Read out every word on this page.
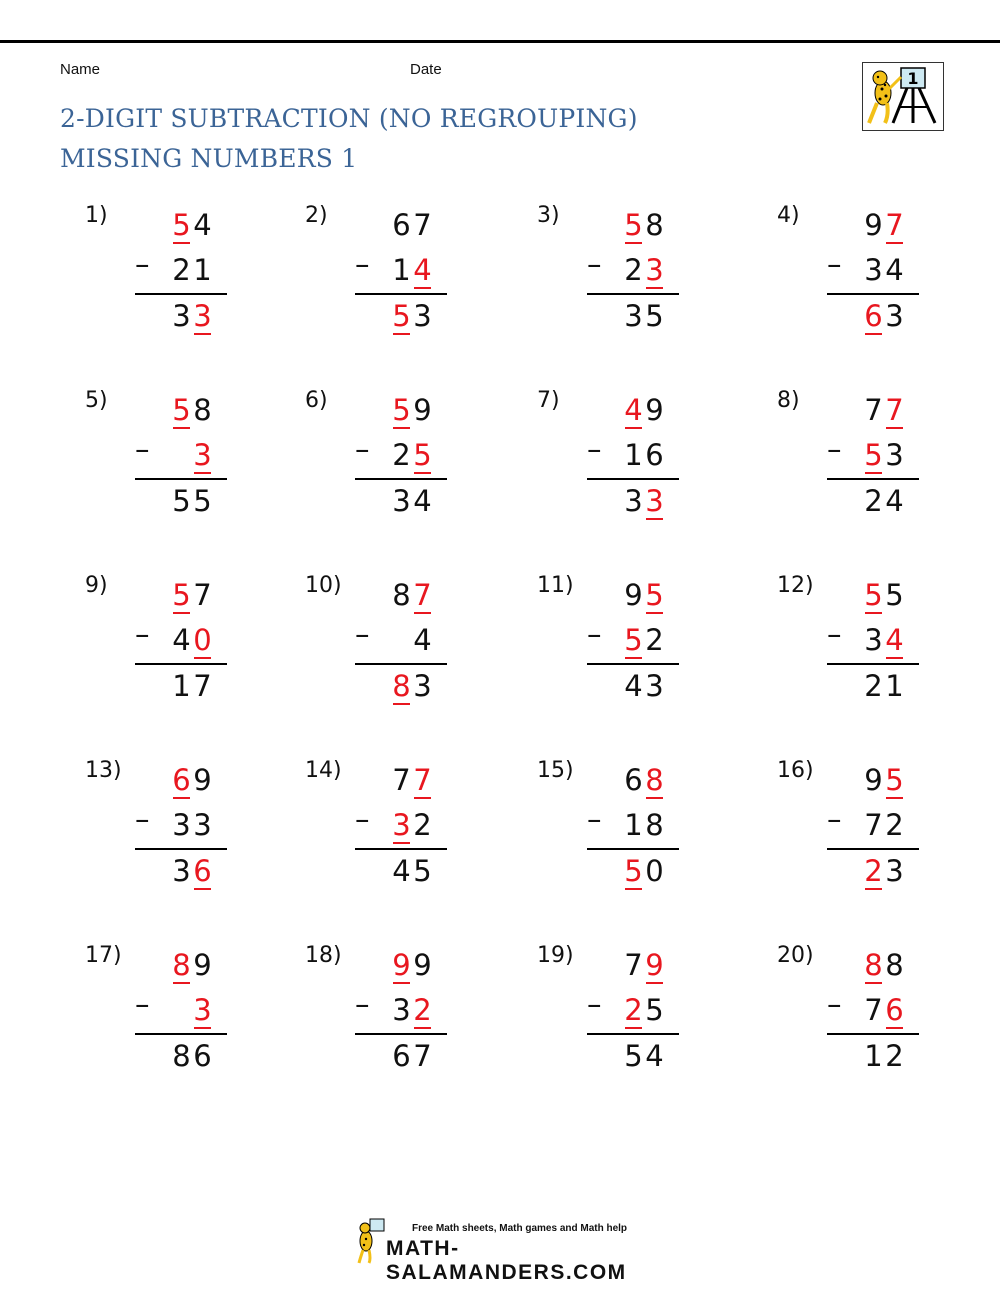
Name	Date
2-DIGIT SUBTRACTION (NO REGROUPING)
MISSING NUMBERS 1
1
1) 5 4
2 1
3 3
–
2) 6 7
1 4
5 3
–
3) 5 8
2 3
3 5
–
4) 9 7
3 4
6 3
–
5) 5 8
3
5 5
–
6) 5 9
2 5
3 4
–
7) 4 9
1 6
3 3
–
8) 7 7
5 3
2 4
–
9) 5 7
4 0
1 7
–
10) 8 7
4
8 3
–
11) 9 5
5 2
4 3
–
12) 5 5
3 4
2 1
–
13) 6 9
3 3
3 6
–
14) 7 7
3 2
4 5
–
15) 6 8
1 8
5 0
–
16) 9 5
7 2
2 3
–
17) 8 9
3
8 6
–
18) 9 9
3 2
6 7
–
19) 7 9
2 5
5 4
–
20) 8 8
7 6
1 2
–
Free Math sheets, Math games and Math help
MATH-SALAMANDERS.COM
